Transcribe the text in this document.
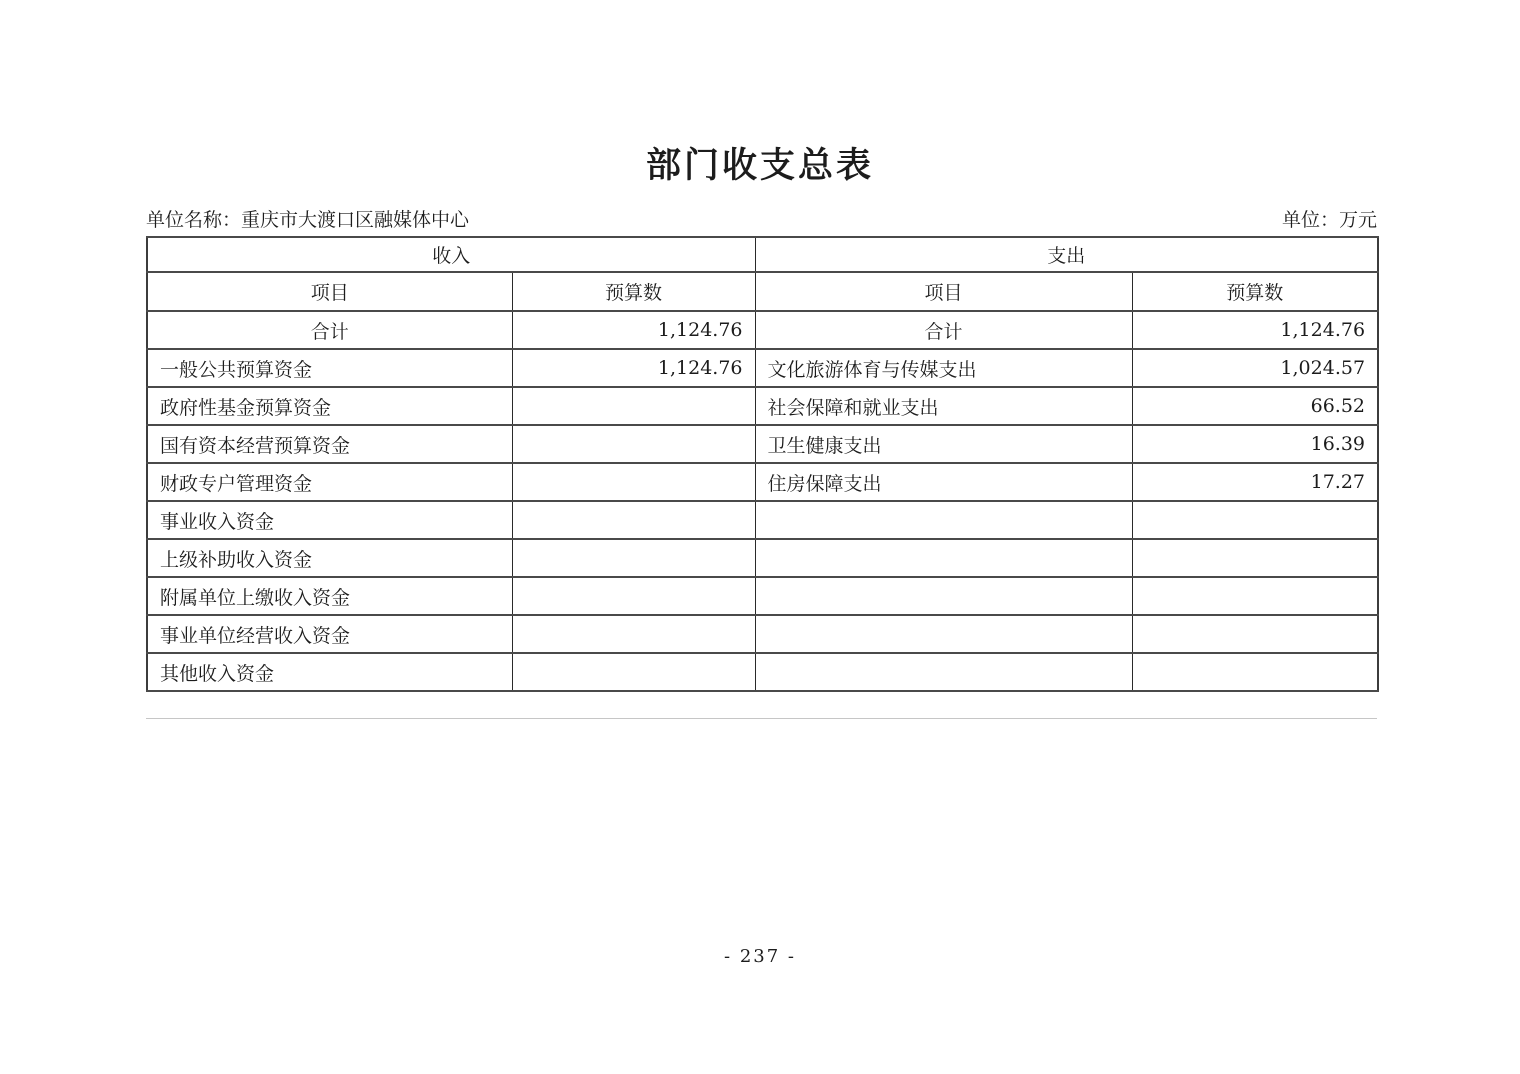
部门收支总表
单位名称：重庆市大渡口区融媒体中心	单位：万元
收入		支出	
项目	预算数	项目	预算数
合计	1,124.76	合计	1,124.76
一般公共预算资金	1,124.76	文化旅游体育与传媒支出	1,024.57
政府性基金预算资金		社会保障和就业支出	66.52
国有资本经营预算资金		卫生健康支出	16.39
财政专户管理资金		住房保障支出	17.27
事业收入资金			
上级补助收入资金			
附属单位上缴收入资金			
事业单位经营收入资金			
其他收入资金			
- 237 -
